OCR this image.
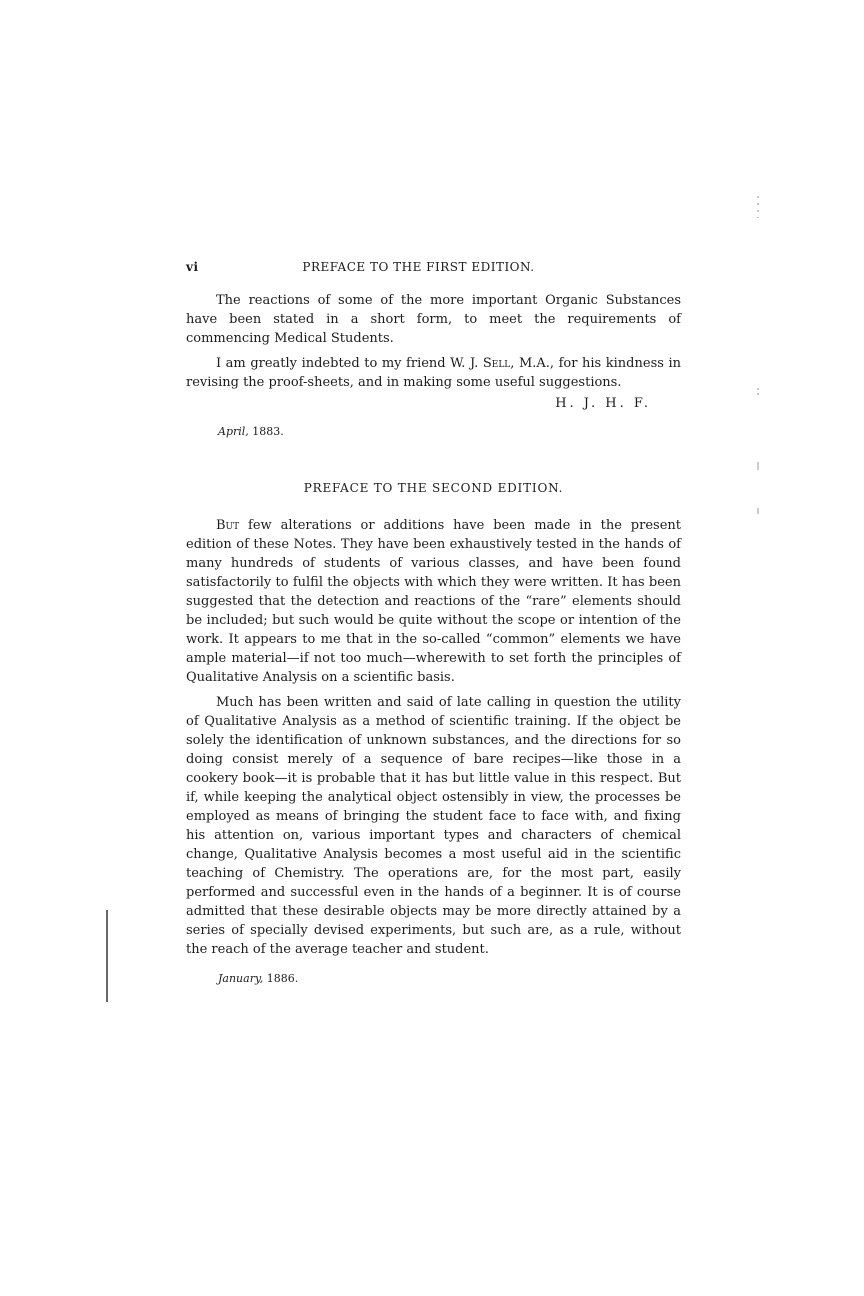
vi	PREFACE TO THE FIRST EDITION.

The reactions of some of the more important Organic Substances have been stated in a short form, to meet the requirements of commencing Medical Students.

I am greatly indebted to my friend W. J. Sell, M.A., for his kindness in revising the proof-sheets, and in making some useful suggestions.

H. J. H. F.
April, 1883.
PREFACE TO THE SECOND EDITION.

But few alterations or additions have been made in the present edition of these Notes. They have been exhaustively tested in the hands of many hundreds of students of various classes, and have been found satisfactorily to fulfil the objects with which they were written. It has been suggested that the detection and reactions of the “rare” elements should be included; but such would be quite without the scope or intention of the work. It appears to me that in the so-called “common” elements we have ample material—if not too much—wherewith to set forth the principles of Qualitative Analysis on a scientific basis.

Much has been written and said of late calling in question the utility of Qualitative Analysis as a method of scientific training. If the object be solely the identification of unknown substances, and the directions for so doing consist merely of a sequence of bare recipes—like those in a cookery book—it is probable that it has but little value in this respect. But if, while keeping the analytical object ostensibly in view, the processes be employed as means of bringing the student face to face with, and fixing his attention on, various important types and characters of chemical change, Qualitative Analysis becomes a most useful aid in the scientific teaching of Chemistry. The operations are, for the most part, easily performed and successful even in the hands of a beginner. It is of course admitted that these desirable objects may be more directly attained by a series of specially devised experiments, but such are, as a rule, without the reach of the average teacher and student.

January, 1886.
